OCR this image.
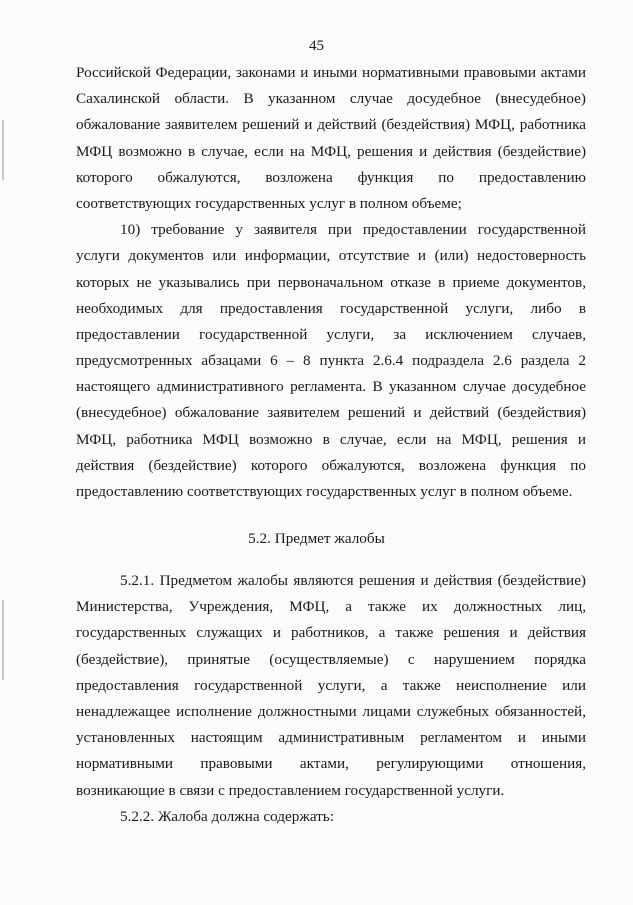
45
Российской Федерации, законами и иными нормативными правовыми актами
Сахалинской области. В указанном случае досудебное (внесудебное)
обжалование заявителем решений и действий (бездействия) МФЦ, работника
МФЦ возможно в случае, если на МФЦ, решения и действия (бездействие)
которого обжалуются, возложена функция по предоставлению
соответствующих государственных услуг в полном объеме;
10) требование у заявителя при предоставлении государственной
услуги документов или информации, отсутствие и (или) недостоверность
которых не указывались при первоначальном отказе в приеме документов,
необходимых для предоставления государственной услуги, либо в
предоставлении государственной услуги, за исключением случаев,
предусмотренных абзацами 6 – 8 пункта 2.6.4 подраздела 2.6 раздела 2
настоящего административного регламента. В указанном случае досудебное
(внесудебное) обжалование заявителем решений и действий (бездействия)
МФЦ, работника МФЦ возможно в случае, если на МФЦ, решения и
действия (бездействие) которого обжалуются, возложена функция по
предоставлению соответствующих государственных услуг в полном объеме.
5.2. Предмет жалобы
5.2.1. Предметом жалобы являются решения и действия (бездействие)
Министерства, Учреждения, МФЦ, а также их должностных лиц,
государственных служащих и работников, а также решения и действия
(бездействие), принятые (осуществляемые) с нарушением порядка
предоставления государственной услуги, а также неисполнение или
ненадлежащее исполнение должностными лицами служебных обязанностей,
установленных настоящим административным регламентом и иными
нормативными правовыми актами, регулирующими отношения,
возникающие в связи с предоставлением государственной услуги.
5.2.2. Жалоба должна содержать:
